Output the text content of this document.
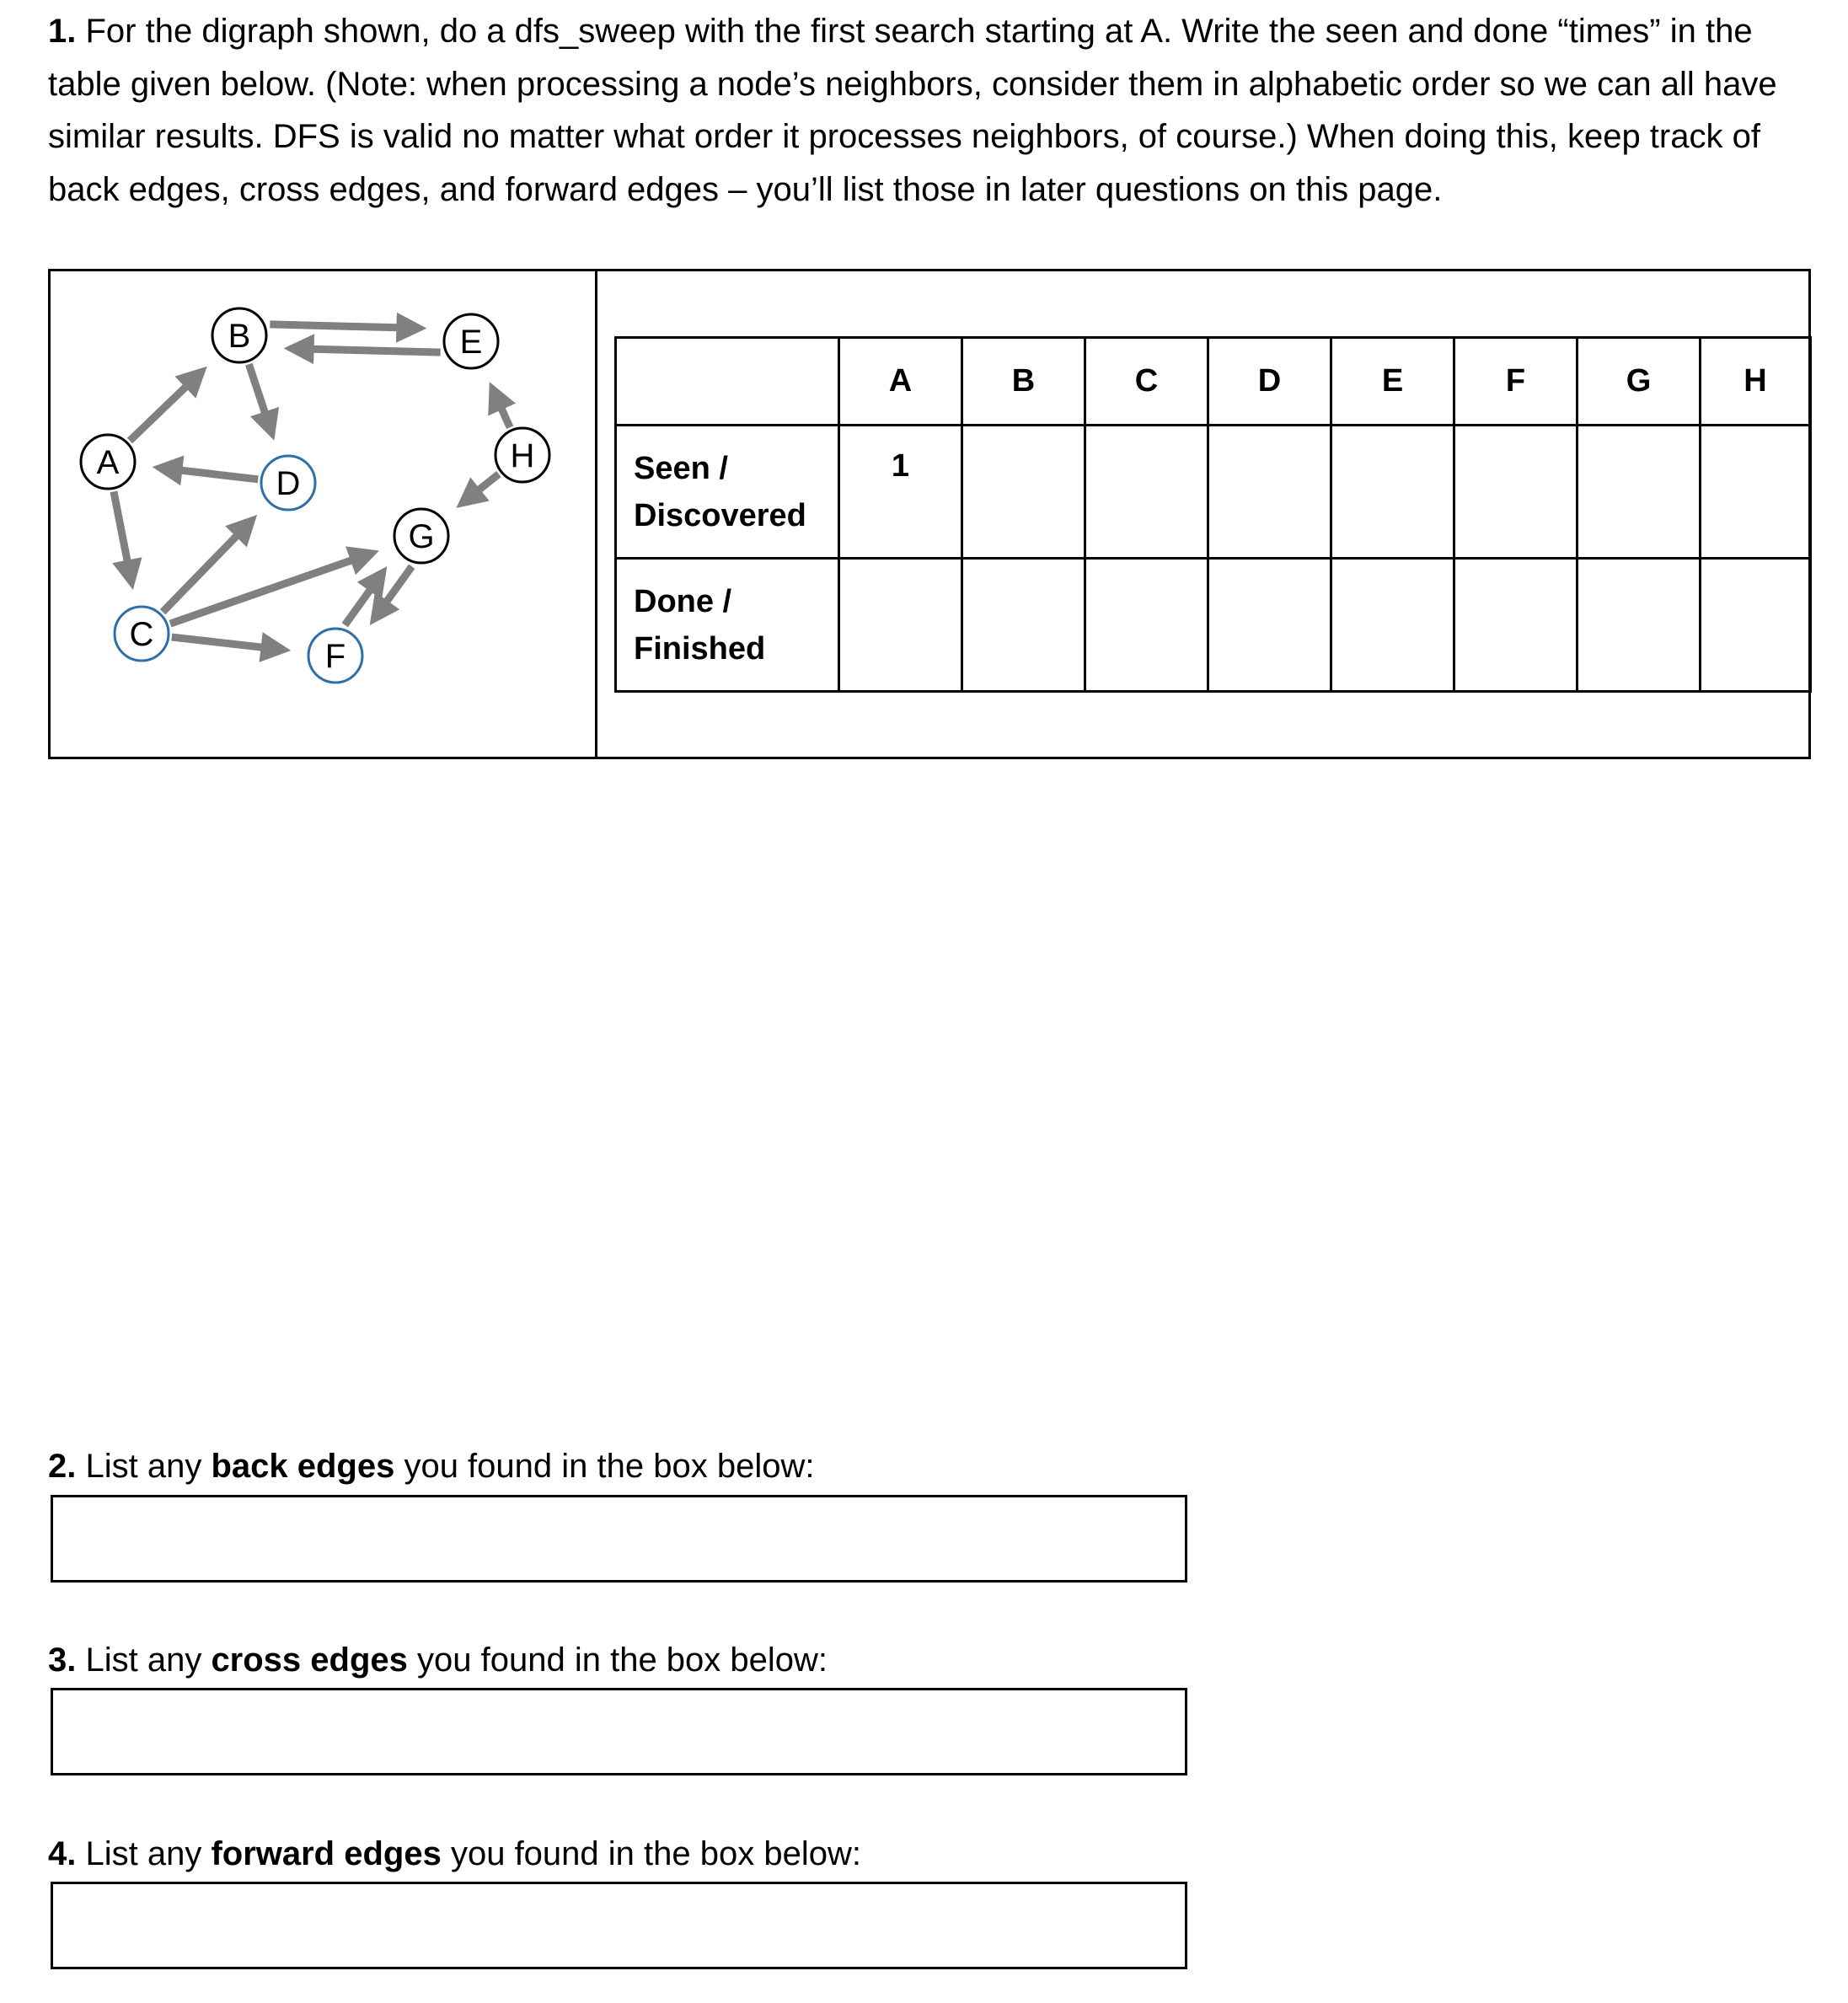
1. For the digraph shown, do a dfs_sweep with the first search starting at A. Write the seen and done “times” in the table given below. (Note: when processing a node’s neighbors, consider them in alphabetic order so we can all have similar results. DFS is valid no matter what order it processes neighbors, of course.) When doing this, keep track of back edges, cross edges, and forward edges – you’ll list those in later questions on this page.
A
B
C
D
E
F
G
H
	A	B	C	D	E	F	G	H
Seen /
Discovered	1							
Done /
Finished								
2. List any back edges you found in the box below:
3. List any cross edges you found in the box below:
4. List any forward edges you found in the box below:
